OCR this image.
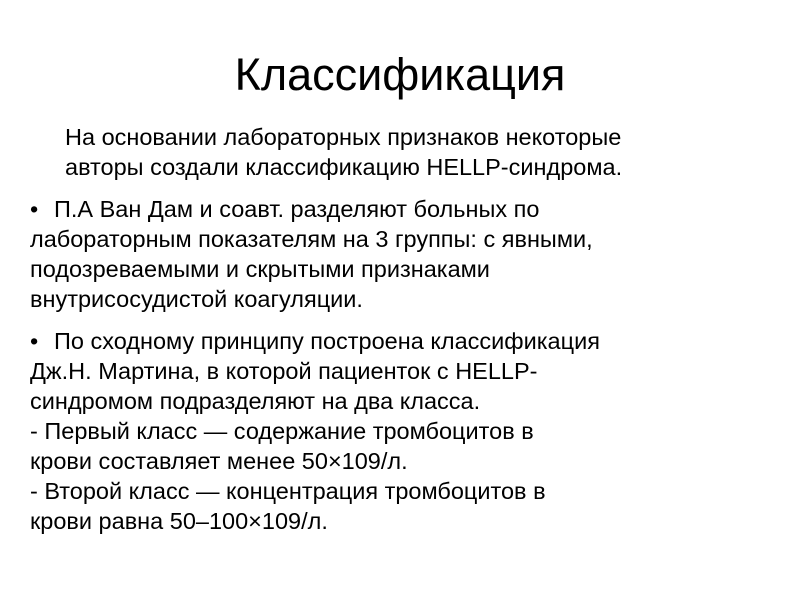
Классификация

На основании лабораторных признаков некоторые
авторы создали классификацию HELLP-синдрома.

• П.А Ван Дам и соавт. разделяют больных по
лабораторным показателям на 3 группы: с явными,
подозреваемыми и скрытыми признаками
внутрисосудистой коагуляции.

• По сходному принципу построена классификация
Дж.Н. Мартина, в которой пациенток с HELLP-
синдромом подразделяют на два класса.
- Первый класс — содержание тромбоцитов в
крови составляет менее 50×109/л.
- Второй класс — концентрация тромбоцитов в
крови равна 50–100×109/л.
